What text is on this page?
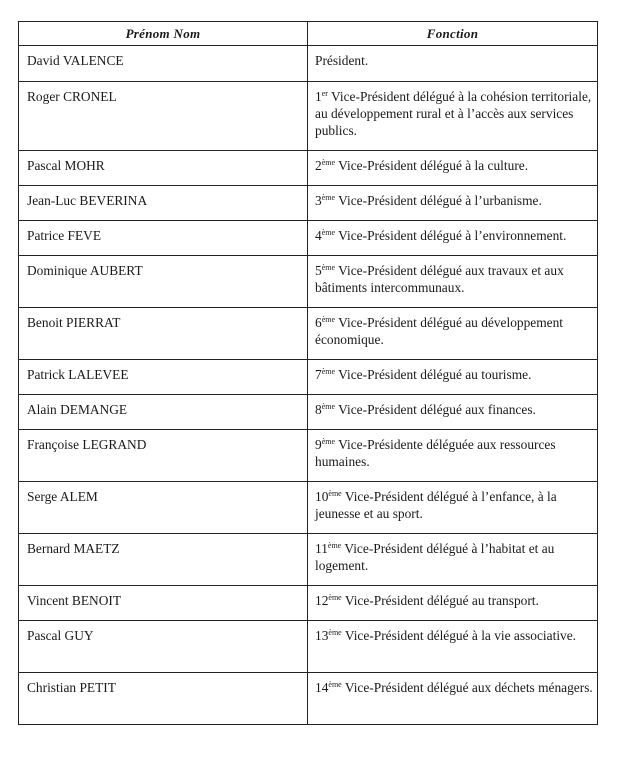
Prénom Nom	Fonction
David VALENCE	Président.
Roger CRONEL	1er Vice-Président délégué à la cohésion territoriale, au développement rural et à l’accès aux services publics.
Pascal MOHR	2ème Vice-Président délégué à la culture.
Jean-Luc BEVERINA	3ème Vice-Président délégué à l’urbanisme.
Patrice FEVE	4ème Vice-Président délégué à l’environnement.
Dominique AUBERT	5ème Vice-Président délégué aux travaux et aux bâtiments intercommunaux.
Benoit PIERRAT	6ème Vice-Président délégué au développement économique.
Patrick LALEVEE	7ème Vice-Président délégué au tourisme.
Alain DEMANGE	8ème Vice-Président délégué aux finances.
Françoise LEGRAND	9ème Vice-Présidente déléguée aux ressources humaines.
Serge ALEM	10ème Vice-Président délégué à l’enfance, à la jeunesse et au sport.
Bernard MAETZ	11ème Vice-Président délégué à l’habitat et au logement.
Vincent BENOIT	12ème Vice-Président délégué au transport.
Pascal GUY	13ème Vice-Président délégué à la vie associative.
Christian PETIT	14ème Vice-Président délégué aux déchets ménagers.
